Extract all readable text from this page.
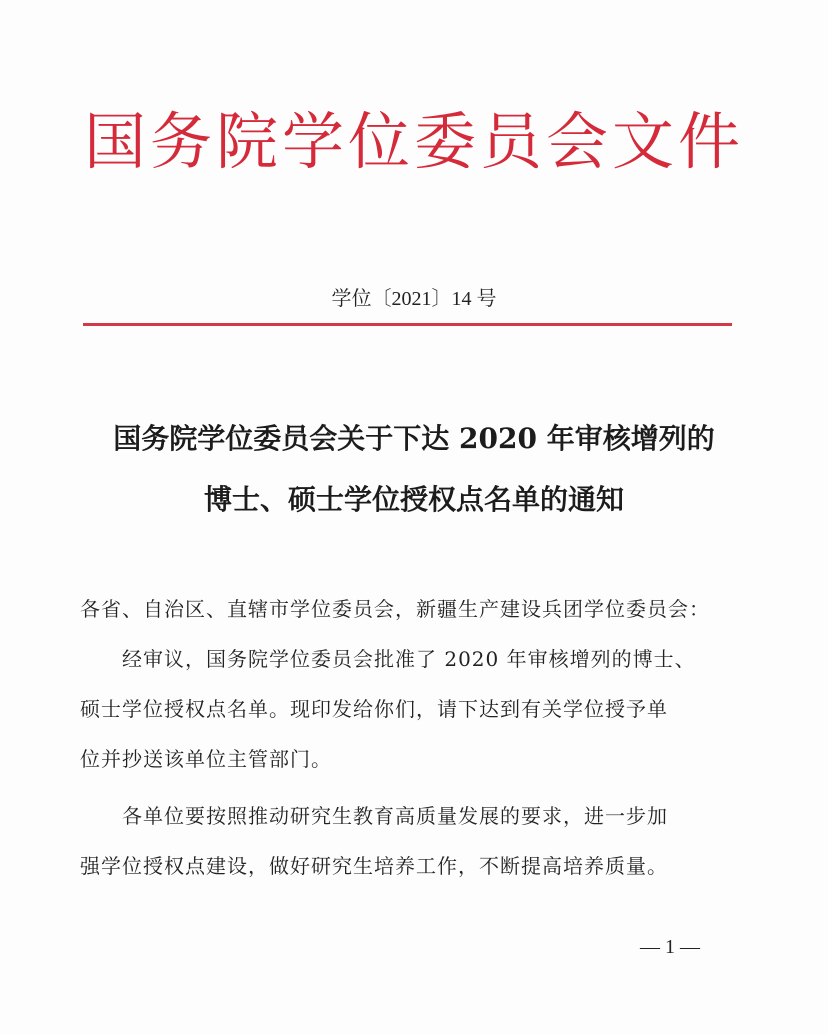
国务院学位委员会文件
学位〔2021〕14 号
国务院学位委员会关于下达 2020 年审核增列的
博士、硕士学位授权点名单的通知
各省、自治区、直辖市学位委员会，新疆生产建设兵团学位委员会：
　　经审议，国务院学位委员会批准了 2020 年审核增列的博士、
硕士学位授权点名单。现印发给你们，请下达到有关学位授予单
位并抄送该单位主管部门。
　　各单位要按照推动研究生教育高质量发展的要求，进一步加
强学位授权点建设，做好研究生培养工作，不断提高培养质量。
— 1 —
